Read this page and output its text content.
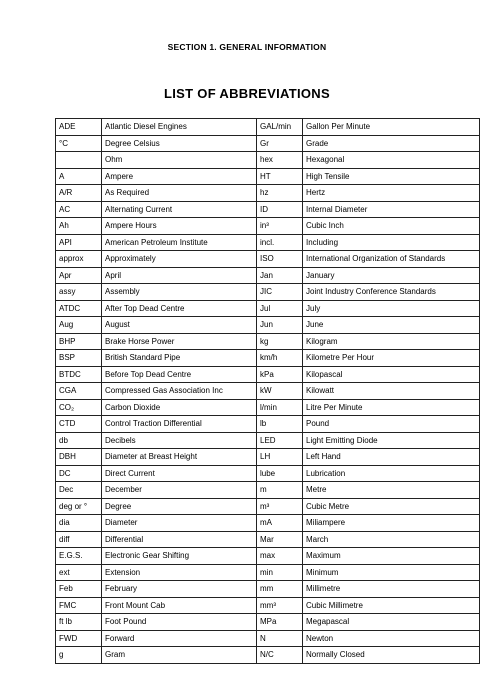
SECTION 1. GENERAL INFORMATION
LIST OF ABBREVIATIONS
ADE	Atlantic Diesel Engines	GAL/min	Gallon Per Minute
°C	Degree Celsius	Gr	Grade
	Ohm	hex	Hexagonal
A	Ampere	HT	High Tensile
A/R	As Required	hz	Hertz
AC	Alternating Current	ID	Internal Diameter
Ah	Ampere Hours	in³	Cubic Inch
API	American Petroleum Institute	incl.	Including
approx	Approximately	ISO	International Organization of Standards
Apr	April	Jan	January
assy	Assembly	JIC	Joint Industry Conference Standards
ATDC	After Top Dead Centre	Jul	July
Aug	August	Jun	June
BHP	Brake Horse Power	kg	Kilogram
BSP	British Standard Pipe	km/h	Kilometre Per Hour
BTDC	Before Top Dead Centre	kPa	Kilopascal
CGA	Compressed Gas Association Inc	kW	Kilowatt
CO₂	Carbon Dioxide	l/min	Litre Per Minute
CTD	Control Traction Differential	lb	Pound
db	Decibels	LED	Light Emitting Diode
DBH	Diameter at Breast Height	LH	Left Hand
DC	Direct Current	lube	Lubrication
Dec	December	m	Metre
deg or °	Degree	m³	Cubic Metre
dia	Diameter	mA	Miliampere
diff	Differential	Mar	March
E.G.S.	Electronic Gear Shifting	max	Maximum
ext	Extension	min	Minimum
Feb	February	mm	Millimetre
FMC	Front Mount Cab	mm³	Cubic Millimetre
ft lb	Foot Pound	MPa	Megapascal
FWD	Forward	N	Newton
g	Gram	N/C	Normally Closed
